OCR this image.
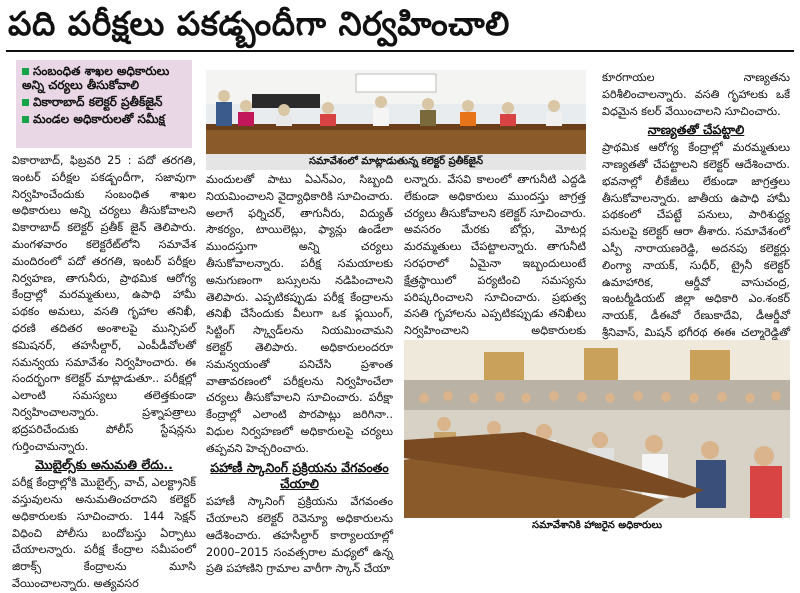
పది పరీక్షలు పకడ్బందీగా నిర్వహించాలి
సంబంధిత శాఖల అధికారులు అన్ని చర్యలు తీసుకోవాలి
వికారాబాద్ కలెక్టర్ ప్రతీక్‌జైన్
మండల అధికారులతో సమీక్ష
సమావేశంలో మాట్లాడుతున్న కలెక్టర్ ప్రతీక్‌జైన్

వికారాబాద్, ఫిబ్రవరి 25 : పదో తరగతి, ఇంటర్ పరీక్షల పకడ్బందీగా, సజావుగా నిర్వహించేందుకు సంబంధిత శాఖల అధికారులు అన్ని చర్యలు తీసుకోవాలని వికారాబాద్ కలెక్టర్ ప్రతీక్ జైన్ తెలిపారు. మంగళవారం కలెక్టరేట్‌లోని సమావేశ మందిరంలో పదో తరగతి, ఇంటర్ పరీక్షల నిర్వహణ, తాగునీరు, ప్రాథమిక ఆరోగ్య కేంద్రాల్లో మరమ్మతులు, ఉపాధి హామీ పథకం అమలు, వసతి గృహాల తనిఖీ, ధరణి తదితర అంశాలపై మున్సిపల్ కమిషనర్, తహసీల్దార్, ఎంపీడీవోలతో సమన్వయ సమావేశం నిర్వహించారు. ఈ సందర్భంగా కలెక్టర్ మాట్లాడుతూ.. పరీక్షల్లో ఎలాంటి సమస్యలు తలెత్తకుండా నిర్వహించాలన్నారు. ప్రశ్నాపత్రాలు భద్రపరిచేందుకు పోలీస్ స్టేషన్లను గుర్తించామన్నారు.

మొబైల్స్‌కు అనుమతి లేదు..

పరీక్ష కేంద్రాల్లోకి మొబైల్స్, వాచ్, ఎలక్ట్రానిక్ వస్తువులను అనుమతించరాదని కలెక్టర్ అధికారులకు సూచించారు. 144 సెక్షన్ విధించి పోలీసు బందోబస్తు ఏర్పాటు చేయాలన్నారు. పరీక్ష కేంద్రాల సమీపంలో జిరాక్స్ కేంద్రాలను మూసి వేయించాలన్నారు. అత్యవసర

మందులతో పాటు ఏఎన్ఎం, సిబ్బంది నియమించాలని వైద్యాధికారికి సూచించారు. అలాగే ఫర్నిచర్, తాగునీరు, విద్యుత్ సౌకర్యం, టాయిలెట్లు, ఫ్యాన్లు ఉండేలా ముందస్తుగా అన్ని చర్యలు తీసుకోవాలన్నారు. పరీక్ష సమయాలకు అనుగుణంగా బస్సులను నడిపించాలని తెలిపారు. ఎప్పటికప్పుడు పరీక్ష కేంద్రాలను తనిఖీ చేసేందుకు వీలుగా ఒక ఫ్లయింగ్, సిట్టింగ్ స్క్వాడ్‌లను నియమించామని కలెక్టర్ తెలిపారు. అధికారులందరూ సమన్వయంతో పనిచేసి ప్రశాంత వాతావరణంలో పరీక్షలను నిర్వహించేలా చర్యలు తీసుకోవాలని సూచించారు. పరీక్షా కేంద్రాల్లో ఎలాంటి పొరపాట్లు జరిగినా.. విధుల నిర్వహణలో అధికారులపై చర్యలు తప్పవని హెచ్చరించారు.

పహాణీ స్కానింగ్ ప్రక్రియను వేగవంతం చేయాలి

పహాణీ స్కానింగ్ ప్రక్రియను వేగవంతం చేయాలని కలెక్టర్ రెవెన్యూ అధికారులను ఆదేశించారు. తహసీల్దార్ కార్యాలయాల్లో 2000–2015 సంవత్సరాల మధ్యలో ఉన్న ప్రతి పహాణిని గ్రామాల వారీగా స్కాన్ చేయా

లన్నారు. వేసవి కాలంలో తాగునీటి ఎద్దడి లేకుండా అధికారులు ముందస్తు జాగ్రత్త చర్యలు తీసుకోవాలని కలెక్టర్ సూచించారు. అవసరం మేరకు బోర్లు, మోటర్ల మరమ్మతులు చేపట్టాలన్నారు. తాగునీటి సరఫరాలో ఏమైనా ఇబ్బందులుంటే క్షేత్రస్థాయిలో పర్యటించి సమస్యను పరిష్కరించాలని సూచించారు. ప్రభుత్వ వసతి గృహాలను ఎప్పటికప్పుడు తనిఖీలు నిర్వహించాలని అధికారులకు

కూరగాయల నాణ్యతను పరిశీలించాలన్నారు. వసతి గృహాలకు ఒకే విధమైన కలర్ వేయించాలని సూచించారు.

నాణ్యతతో చేపట్టాలి

ప్రాథమిక ఆరోగ్య కేంద్రాల్లో మరమ్మతులు నాణ్యతతో చేపట్టాలని కలెక్టర్ ఆదేశించారు. భవనాల్లో లీకేజీలు లేకుండా జాగ్రత్తలు తీసుకోవాలన్నారు. జాతీయ ఉపాధి హామీ పథకంలో చేపట్టే పనులు, పారిశుద్ధ్య పనులపై కలెక్టర్ ఆరా తీశారు. సమావేశంలో ఎస్పీ నారాయణరెడ్డి, అదనపు కలెక్టర్లు లింగ్యా నాయక్, సుధీర్, ట్రైనీ కలెక్టర్ ఉమాహారిక, ఆర్డీవో వాసుచంద్ర, ఇంటర్మీడియట్ జిల్లా అధికారి ఎం.శంకర్ నాయక్, డీఈవో రేణుకాదేవి, డీఆర్డీవో శ్రీనివాస్, మిషన్ భగీరథ ఈఈ చల్మారెడ్డితో

సమావేశానికి హాజరైన అధికారులు
